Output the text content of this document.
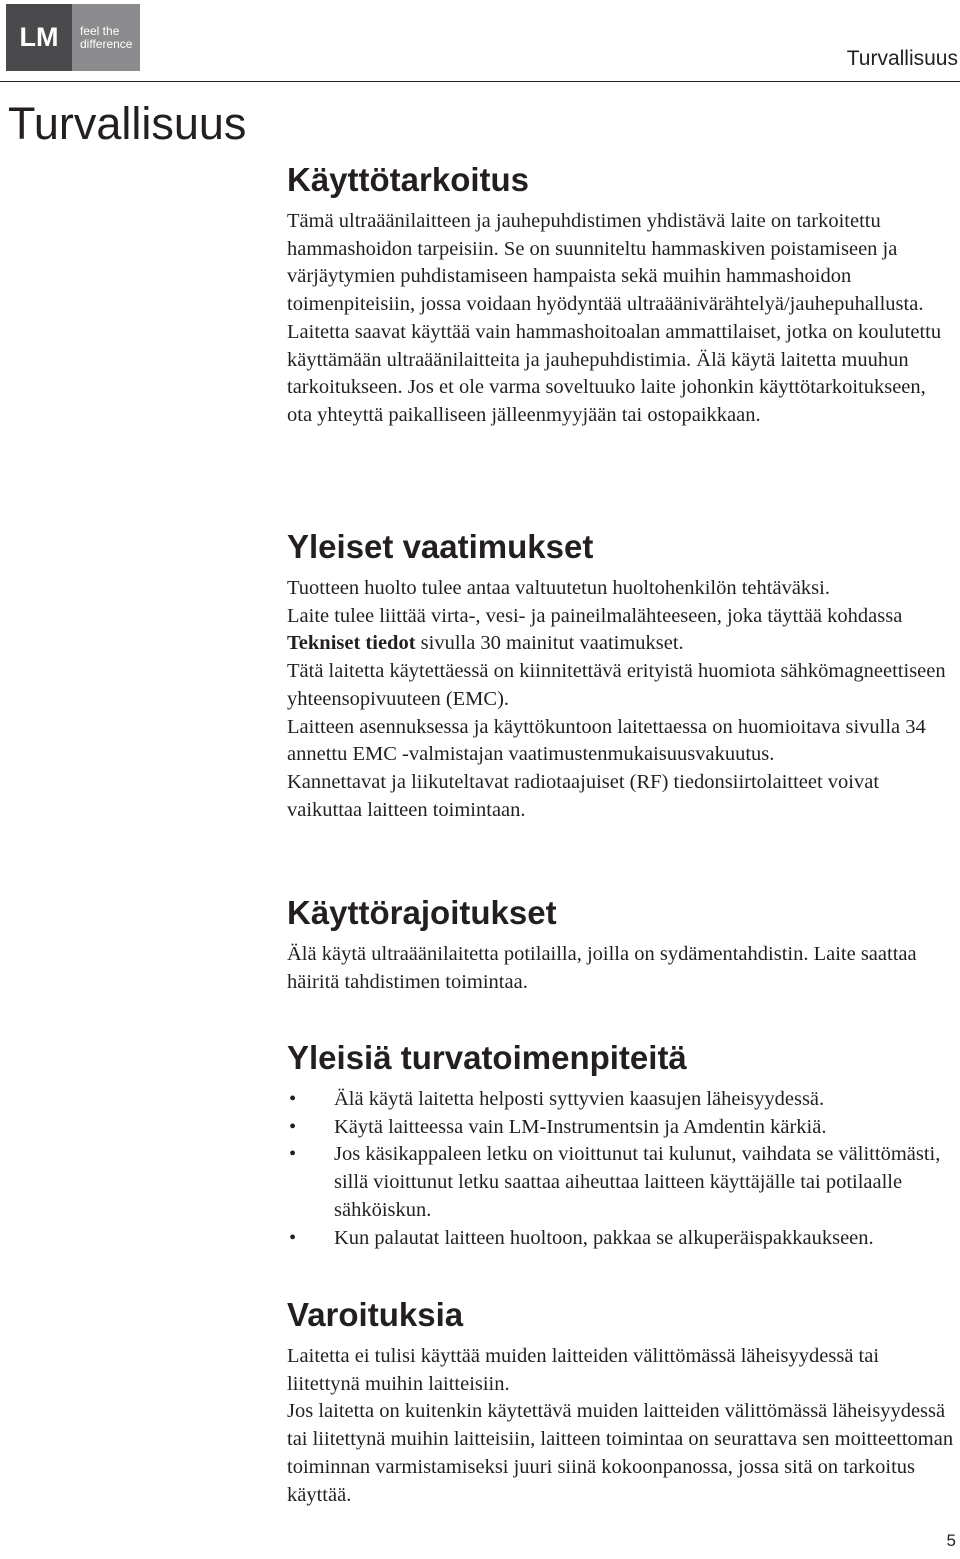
LM	feel the
difference
Turvallisuus
Turvallisuus
Käyttötarkoitus

Tämä ultraäänilaitteen ja jauhepuhdistimen yhdistävä laite on tarkoitettu hammashoidon tarpeisiin. Se on suunniteltu hammaskiven poistamiseen ja värjäytymien puhdistamiseen hampaista sekä muihin hammashoidon toimenpiteisiin, jossa voidaan hyödyntää ultraäänivärähtelyä/jauhepuhallusta. Laitetta saavat käyttää vain hammashoitoalan ammattilaiset, jotka on koulutettu käyttämään ultraäänilaitteita ja jauhepuhdistimia. Älä käytä laitetta muuhun tarkoitukseen. Jos et ole varma soveltuuko laite johonkin käyttötarkoitukseen, ota yhteyttä paikalliseen jälleenmyyjään tai ostopaikkaan.

Yleiset vaatimukset

Tuotteen huolto tulee antaa valtuutetun huoltohenkilön tehtäväksi.

Laite tulee liittää virta-, vesi- ja paineilmalähteeseen, joka täyttää kohdassa Tekniset tiedot sivulla 30 mainitut vaatimukset.

Tätä laitetta käytettäessä on kiinnitettävä erityistä huomiota sähkömagneettiseen yhteensopivuuteen (EMC).

Laitteen asennuksessa ja käyttökuntoon laitettaessa on huomioitava sivulla 34 annettu EMC -valmistajan vaatimustenmukaisuusvakuutus.

Kannettavat ja liikuteltavat radiotaajuiset (RF) tiedonsiirtolaitteet voivat vaikuttaa laitteen toimintaan.

Käyttörajoitukset

Älä käytä ultraäänilaitetta potilailla, joilla on sydämentahdistin. Laite saattaa häiritä tahdistimen toimintaa.

Yleisiä turvatoimenpiteitä
• Älä käytä laitetta helposti syttyvien kaasujen läheisyydessä.
• Käytä laitteessa vain LM-Instrumentsin ja Amdentin kärkiä.
• Jos käsikappaleen letku on vioittunut tai kulunut, vaihdata se välittömästi, sillä vioittunut letku saattaa aiheuttaa laitteen käyttäjälle tai potilaalle sähköiskun.
• Kun palautat laitteen huoltoon, pakkaa se alkuperäispakkaukseen.
Varoituksia

Laitetta ei tulisi käyttää muiden laitteiden välittömässä läheisyydessä tai liitettynä muihin laitteisiin.

Jos laitetta on kuitenkin käytettävä muiden laitteiden välittömässä läheisyydessä tai liitettynä muihin laitteisiin, laitteen toimintaa on seurattava sen moitteettoman toiminnan varmistamiseksi juuri siinä kokoonpanossa, jossa sitä on tarkoitus käyttää.

5
